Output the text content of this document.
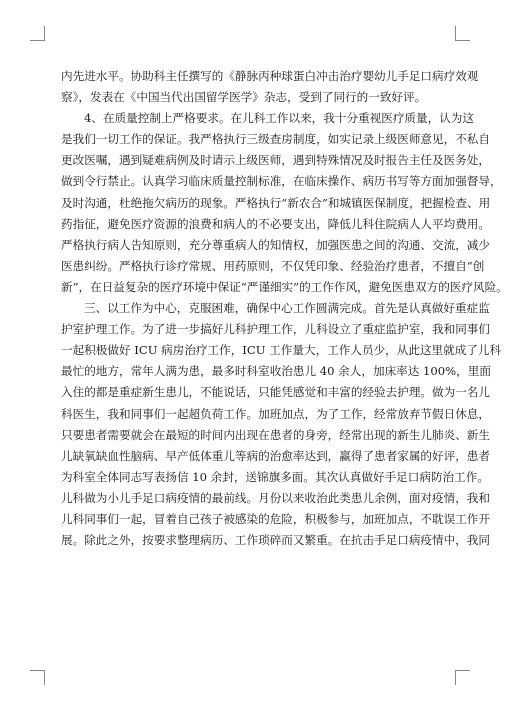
内先进水平。协助科主任撰写的《静脉丙种球蛋白冲击治疗婴幼儿手足口病疗效观
察》，发表在《中国当代出国留学医学》杂志，受到了同行的一致好评。
4、在质量控制上严格要求。在儿科工作以来，我十分重视医疗质量，认为这
是我们一切工作的保证。我严格执行三级查房制度，如实记录上级医师意见，不私自
更改医嘱，遇到疑难病例及时请示上级医师，遇到特殊情况及时报告主任及医务处，
做到令行禁止。认真学习临床质量控制标准，在临床操作、病历书写等方面加强督导，
及时沟通，杜绝拖欠病历的现象。严格执行“新农合”和城镇医保制度，把握检查、用
药指征，避免医疗资源的浪费和病人的不必要支出，降低儿科住院病人人平均费用。
严格执行病人告知原则，充分尊重病人的知情权，加强医患之间的沟通、交流，减少
医患纠纷。严格执行诊疗常规、用药原则，不仅凭印象、经验治疗患者，不擅自“创
新”，在日益复杂的医疗环境中保证“严谨细实”的工作作风，避免医患双方的医疗风险。
三、以工作为中心，克服困难，确保中心工作圆满完成。首先是认真做好重症监
护室护理工作。为了进一步搞好儿科护理工作，儿科设立了重症监护室，我和同事们
一起积极做好 ICU 病房治疗工作，ICU 工作量大，工作人员少，从此这里就成了儿科
最忙的地方，常年人满为患，最多时科室收治患儿 40 余人，加床率达 100%，里面
入住的都是重症新生患儿，不能说话，只能凭感觉和丰富的经验去护理。做为一名儿
科医生，我和同事们一起超负荷工作。加班加点，为了工作，经常放弃节假日休息，
只要患者需要就会在最短的时间内出现在患者的身旁，经常出现的新生儿肺炎、新生
儿缺氧缺血性脑病、早产低体重儿等病的治愈率达到，赢得了患者家属的好评，患者
为科室全体同志写表扬信 10 余封，送锦旗多面。其次认真做好手足口病防治工作。
儿科做为小儿手足口病疫情的最前线。月份以来收治此类患儿余例，面对疫情，我和
儿科同事们一起，冒着自己孩子被感染的危险，积极参与，加班加点，不耽误工作开
展。除此之外，按要求整理病历、工作琐碎而又繁重。在抗击手足口病疫情中，我同
